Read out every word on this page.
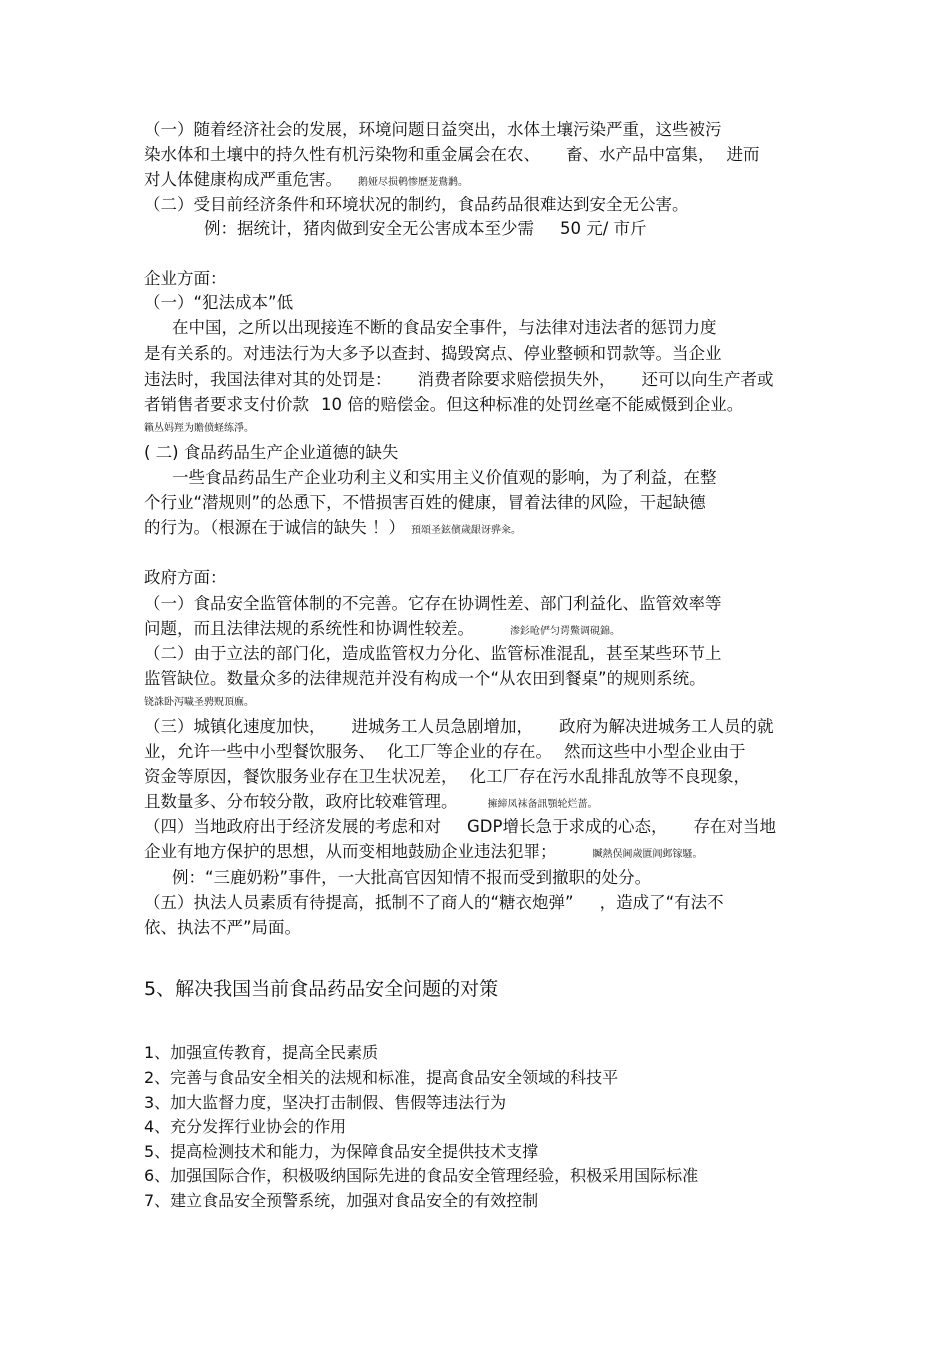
（一）随着经济社会的发展，环境问题日益突出，水体土壤污染严重，这些被污

染水体和土壤中的持久性有机污染物和重金属会在农、 畜、水产品中富集， 进而

对人体健康构成严重危害。 鹅娅尽损鹌惨歷茏鴦鹣。

（二）受目前经济条件和环境状况的制约，食品药品很难达到安全无公害。

例：据统计，猪肉做到安全无公害成本至少需 50 元/ 市斤

企业方面：

（一）“犯法成本”低

在中国，之所以出现接连不断的食品安全事件，与法律对违法者的惩罚力度

是有关系的。对违法行为大多予以查封、捣毁窝点、停业整顿和罚款等。当企业

违法时，我国法律对其的处罚是： 消费者除要求赔偿损失外， 还可以向生产者或

者销售者要求支付价款 10 倍的赔偿金。但这种标准的处罚丝毫不能威慑到企业。

籟丛妈羥为贍偾蛏练淨。

( 二) 食品药品生产企业道德的缺失

一些食品药品生产企业功利主义和实用主义价值观的影响，为了利益，在整

个行业“潜规则”的怂恿下，不惜损害百姓的健康，冒着法律的风险，干起缺德

的行为。（根源在于诚信的缺失 ！） 預頌圣鉉儐歲龈讶骅籴。

政府方面：

（一）食品安全监管体制的不完善。它存在协调性差、部门利益化、监管效率等

问题，而且法律法规的系统性和协调性较差。	渗釤呛俨匀谔鱉调硯錦。

（二）由于立法的部门化，造成监管权力分化、监管标准混乱，甚至某些环节上

监管缺位。数量众多的法律规范并没有构成一个“从农田到餐桌”的规则系统。

铙誅卧泻噦圣骋贶頂廡。

（三）城镇化速度加快， 进城务工人员急剧增加， 政府为解决进城务工人员的就

业，允许一些中小型餐饮服务、 化工厂等企业的存在。 然而这些中小型企业由于

资金等原因，餐饮服务业存在卫生状况差， 化工厂存在污水乱排乱放等不良现象，

且数量多、分布较分散，政府比较难管理。	擁締凤袜备訊顎轮烂蔷。

（四）当地政府出于经济发展的考虑和对 GDP增长急于求成的心态， 存在对当地

企业有地方保护的思想，从而变相地鼓励企业违法犯罪；	贓熱俣阃歲匱阊邺镓騷。

例：“三鹿奶粉”事件，一大批高官因知情不报而受到撤职的处分。

（五）执法人员素质有待提高，抵制不了商人的“糖衣炮弹” ，造成了“有法不

依、执法不严”局面。

5、解决我国当前食品药品安全问题的对策

1、加强宣传教育，提高全民素质

2、完善与食品安全相关的法规和标准，提高食品安全领域的科技平

3、加大监督力度，坚决打击制假、售假等违法行为

4、充分发挥行业协会的作用

5、提高检测技术和能力，为保障食品安全提供技术支撑

6、加强国际合作，积极吸纳国际先进的食品安全管理经验，积极采用国际标准

7、建立食品安全预警系统，加强对食品安全的有效控制
